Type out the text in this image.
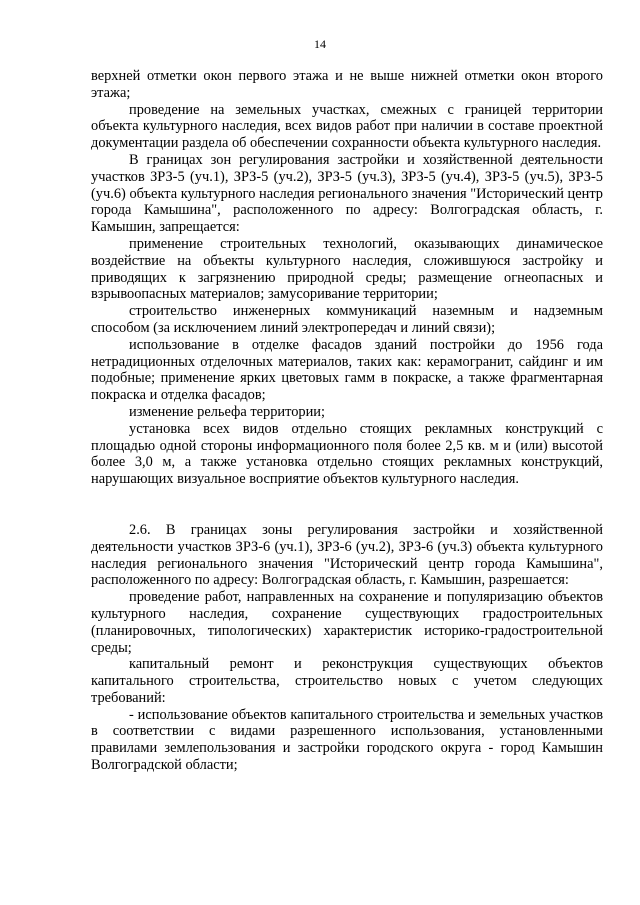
14

верхней отметки окон первого этажа и не выше нижней отметки окон второго этажа;

проведение на земельных участках, смежных с границей территории объекта культурного наследия, всех видов работ при наличии в составе проектной документации раздела об обеспечении сохранности объекта культурного наследия.

В границах зон регулирования застройки и хозяйственной деятельности участков ЗРЗ-5 (уч.1), ЗРЗ-5 (уч.2), ЗРЗ-5 (уч.3), ЗРЗ-5 (уч.4), ЗРЗ-5 (уч.5), ЗРЗ-5 (уч.6) объекта культурного наследия регионального значения "Исторический центр города Камышина", расположенного по адресу: Волгоградская область, г. Камышин, запрещается:

применение строительных технологий, оказывающих динамическое воздействие на объекты культурного наследия, сложившуюся застройку и приводящих к загрязнению природной среды; размещение огнеопасных и взрывоопасных материалов; замусоривание территории;

строительство инженерных коммуникаций наземным и надземным способом (за исключением линий электропередач и линий связи);

использование в отделке фасадов зданий постройки до 1956 года нетрадиционных отделочных материалов, таких как: керамогранит, сайдинг и им подобные; применение ярких цветовых гамм в покраске, а также фрагментарная покраска и отделка фасадов;

изменение рельефа территории;

установка всех видов отдельно стоящих рекламных конструкций с площадью одной стороны информационного поля более 2,5 кв. м и (или) высотой более 3,0 м, а также установка отдельно стоящих рекламных конструкций, нарушающих визуальное восприятие объектов культурного наследия.

2.6. В границах зоны регулирования застройки и хозяйственной деятельности участков ЗРЗ-6 (уч.1), ЗРЗ-6 (уч.2), ЗРЗ-6 (уч.3) объекта культурного наследия регионального значения "Исторический центр города Камышина", расположенного по адресу: Волгоградская область, г. Камышин, разрешается:

проведение работ, направленных на сохранение и популяризацию объектов культурного наследия, сохранение существующих градостроительных (планировочных, типологических) характеристик историко-градостроительной среды;

капитальный ремонт и реконструкция существующих объектов капитального строительства, строительство новых с учетом следующих требований:

- использование объектов капитального строительства и земельных участков в соответствии с видами разрешенного использования, установленными правилами землепользования и застройки городского округа - город Камышин Волгоградской области;
